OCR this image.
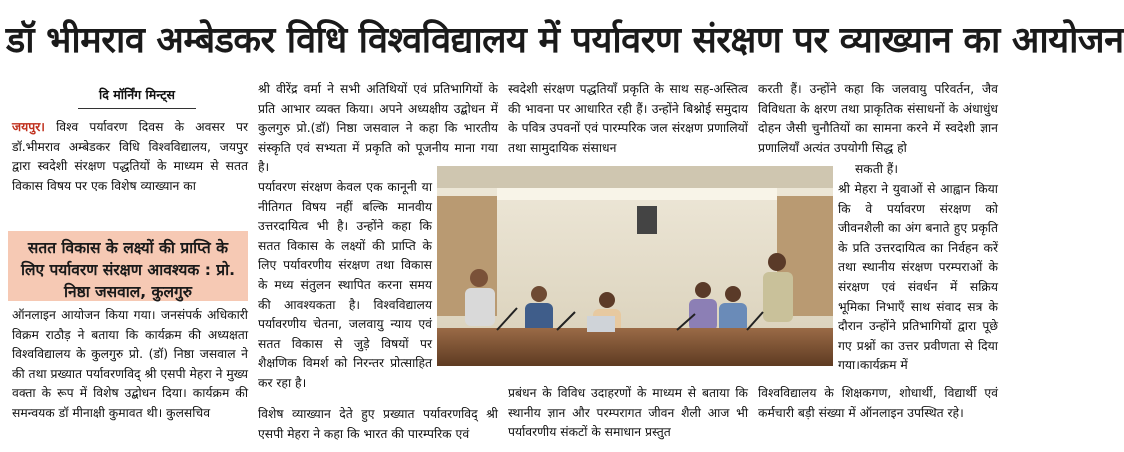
डॉ भीमराव अम्बेडकर विधि विश्वविद्यालय में पर्यावरण संरक्षण पर व्याख्यान का आयोजन
दि मॉर्निंग मिन्ट्स

जयपुर। विश्व पर्यावरण दिवस के अवसर पर डॉ.भीमराव अम्बेडकर विधि विश्वविद्यालय, जयपुर द्वारा स्वदेशी संरक्षण पद्धतियों के माध्यम से सतत विकास विषय पर एक विशेष व्याख्यान का

सतत विकास के लक्ष्यों की प्राप्ति के लिए पर्यावरण संरक्षण आवश्यक : प्रो. निष्ठा जसवाल, कुलगुरु
ऑनलाइन आयोजन किया गया। जनसंपर्क अधिकारी विक्रम राठौड़ ने बताया कि कार्यक्रम की अध्यक्षता विश्वविद्यालय के कुलगुरु प्रो. (डॉ) निष्ठा जसवाल ने की तथा प्रख्यात पर्यावरणविद् श्री एसपी मेहरा ने मुख्य वक्ता के रूप में विशेष उद्बोधन दिया। कार्यक्रम की समन्वयक डॉ मीनाक्षी कुमावत थी। कुलसचिव
श्री वीरेंद्र वर्मा ने सभी अतिथियों एवं प्रतिभागियों के प्रति आभार व्यक्त किया। अपने अध्यक्षीय उद्बोधन में कुलगुरु प्रो.(डॉ) निष्ठा जसवाल ने कहा कि भारतीय संस्कृति एवं सभ्यता में प्रकृति को पूजनीय माना गया है।
पर्यावरण संरक्षण केवल एक कानूनी या नीतिगत विषय नहीं बल्कि मानवीय उत्तरदायित्व भी है। उन्होंने कहा कि सतत विकास के लक्ष्यों की प्राप्ति के लिए पर्यावरणीय संरक्षण तथा विकास के मध्य संतुलन स्थापित करना समय की आवश्यकता है। विश्वविद्यालय पर्यावरणीय चेतना, जलवायु न्याय एवं सतत विकास से जुड़े विषयों पर शैक्षणिक विमर्श को निरन्तर प्रोत्साहित कर रहा है।
विशेष व्याख्यान देते हुए प्रख्यात पर्यावरणविद् श्री एसपी मेहरा ने कहा कि भारत की पारम्परिक एवं
स्वदेशी संरक्षण पद्धतियाँ प्रकृति के साथ सह-अस्तित्व की भावना पर आधारित रही हैं। उन्होंने बिश्नोई समुदाय के पवित्र उपवनों एवं पारम्परिक जल संरक्षण प्रणालियों तथा सामुदायिक संसाधन
प्रबंधन के विविध उदाहरणों के माध्यम से बताया कि स्थानीय ज्ञान और परम्परागत जीवन शैली आज भी पर्यावरणीय संकटों के समाधान प्रस्तुत
करती हैं। उन्होंने कहा कि जलवायु परिवर्तन, जैव विविधता के क्षरण तथा प्राकृतिक संसाधनों के अंधाधुंध दोहन जैसी चुनौतियों का सामना करने में स्वदेशी ज्ञान प्रणालियाँ अत्यंत उपयोगी सिद्ध हो
सकती हैं।
श्री मेहरा ने युवाओं से आह्वान किया कि वे पर्यावरण संरक्षण को जीवनशैली का अंग बनाते हुए प्रकृति के प्रति उत्तरदायित्व का निर्वहन करें तथा स्थानीय संरक्षण परम्पराओं के संरक्षण एवं संवर्धन में सक्रिय भूमिका निभाएँ साथ संवाद सत्र के दौरान उन्होंने प्रतिभागियों द्वारा पूछे गए प्रश्नों का उत्तर प्रवीणता से दिया गया।कार्यक्रम में
विश्वविद्यालय के शिक्षकगण, शोधार्थी, विद्यार्थी एवं कर्मचारी बड़ी संख्या में ऑनलाइन उपस्थित रहे।
